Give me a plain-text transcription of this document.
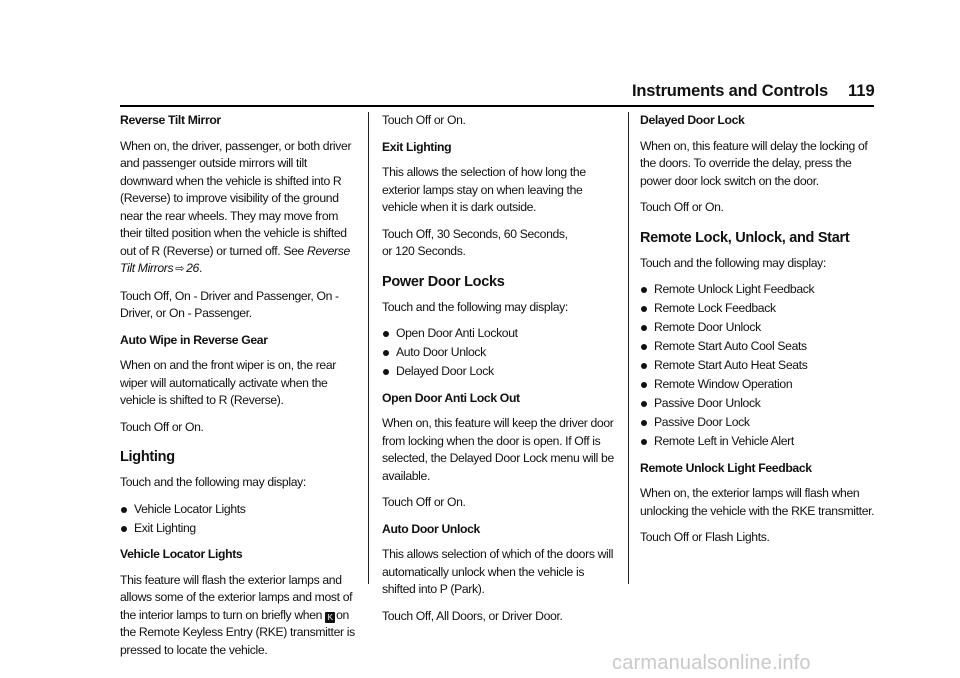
Instruments and Controls 119

Reverse Tilt Mirror

When on, the driver, passenger, or both driver and passenger outside mirrors will tilt downward when the vehicle is shifted into R (Reverse) to improve visibility of the ground near the rear wheels. They may move from their tilted position when the vehicle is shifted out of R (Reverse) or turned off. See Reverse Tilt Mirrors ⇨ 26.

Touch Off, On - Driver and Passenger, On - Driver, or On - Passenger.

Auto Wipe in Reverse Gear

When on and the front wiper is on, the rear wiper will automatically activate when the vehicle is shifted to R (Reverse).

Touch Off or On.

Lighting

Touch and the following may display:

Vehicle Locator Lights
Exit Lighting

Vehicle Locator Lights

This feature will flash the exterior lamps and allows some of the exterior lamps and most of the interior lamps to turn on briefly when K on the Remote Keyless Entry (RKE) transmitter is pressed to locate the vehicle.

Touch Off or On.

Exit Lighting

This allows the selection of how long the exterior lamps stay on when leaving the vehicle when it is dark outside.

Touch Off, 30 Seconds, 60 Seconds,
or 120 Seconds.

Power Door Locks

Touch and the following may display:

Open Door Anti Lockout
Auto Door Unlock
Delayed Door Lock

Open Door Anti Lock Out

When on, this feature will keep the driver door from locking when the door is open. If Off is selected, the Delayed Door Lock menu will be available.

Touch Off or On.

Auto Door Unlock

This allows selection of which of the doors will automatically unlock when the vehicle is shifted into P (Park).

Touch Off, All Doors, or Driver Door.

Delayed Door Lock

When on, this feature will delay the locking of the doors. To override the delay, press the power door lock switch on the door.

Touch Off or On.

Remote Lock, Unlock, and Start

Touch and the following may display:

Remote Unlock Light Feedback
Remote Lock Feedback
Remote Door Unlock
Remote Start Auto Cool Seats
Remote Start Auto Heat Seats
Remote Window Operation
Passive Door Unlock
Passive Door Lock
Remote Left in Vehicle Alert

Remote Unlock Light Feedback

When on, the exterior lamps will flash when unlocking the vehicle with the RKE transmitter.

Touch Off or Flash Lights.

carmanualsonline.info
